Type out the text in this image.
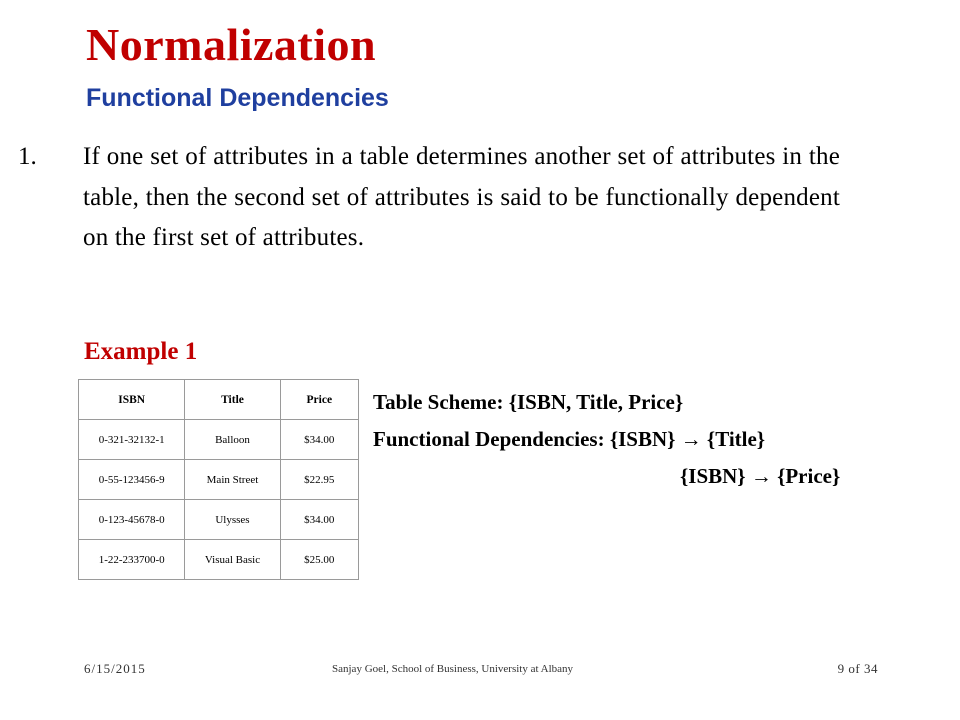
Normalization
Functional Dependencies
1. If one set of attributes in a table determines another set of attributes in the table, then the second set of attributes is said to be functionally dependent on the first set of attributes.
Example 1
ISBN	Title	Price
0-321-32132-1	Balloon	$34.00
0-55-123456-9	Main Street	$22.95
0-123-45678-0	Ulysses	$34.00
1-22-233700-0	Visual Basic	$25.00
Table Scheme: {ISBN, Title, Price}
Functional Dependencies: {ISBN} → {Title}
{ISBN} → {Price}
6/15/2015	Sanjay Goel, School of Business, University at Albany	9 of 34
